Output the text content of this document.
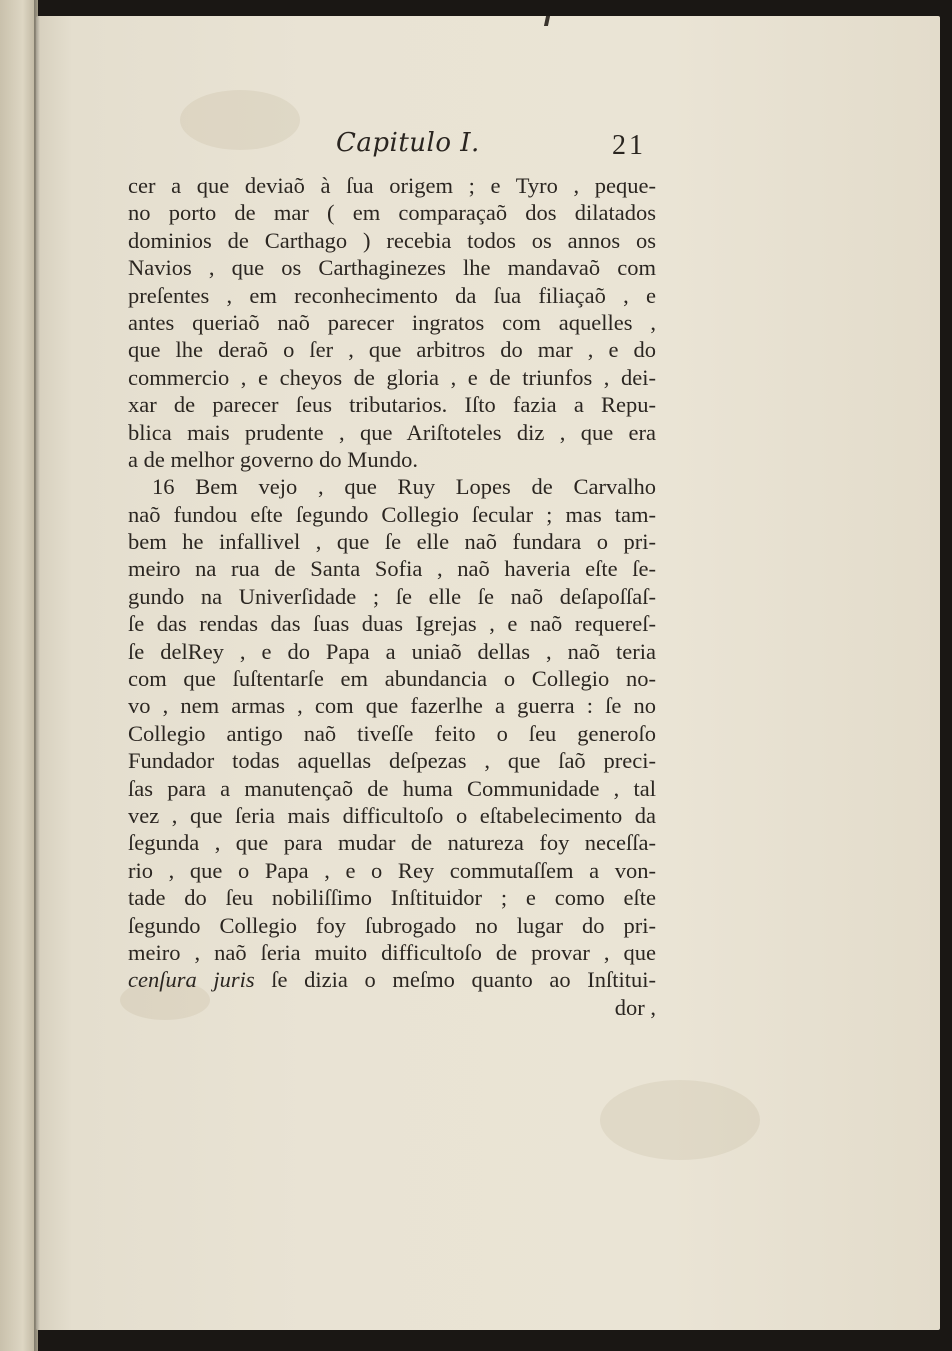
Capitulo I.	21
cer a que deviaõ à ſua origem ; e Tyro , peque-
no porto de mar ( em comparaçaõ dos dilatados
dominios de Carthago ) recebia todos os annos os
Navios , que os Carthaginezes lhe mandavaõ com
preſentes , em reconhecimento da ſua filiaçaõ , e
antes queriaõ naõ parecer ingratos com aquelles ,
que lhe deraõ o ſer , que arbitros do mar , e do
commercio , e cheyos de gloria , e de triunfos , dei-
xar de parecer ſeus tributarios. Iſto fazia a Repu-
blica mais prudente , que Ariſtoteles diz , que era
a de melhor governo do Mundo.
16 Bem vejo , que Ruy Lopes de Carvalho
naõ fundou eſte ſegundo Collegio ſecular ; mas tam-
bem he infallivel , que ſe elle naõ fundara o pri-
meiro na rua de Santa Sofia , naõ haveria eſte ſe-
gundo na Univerſidade ; ſe elle ſe naõ deſapoſſaſ-
ſe das rendas das ſuas duas Igrejas , e naõ requereſ-
ſe delRey , e do Papa a uniaõ dellas , naõ teria
com que ſuſtentarſe em abundancia o Collegio no-
vo , nem armas , com que fazerlhe a guerra : ſe no
Collegio antigo naõ tiveſſe feito o ſeu generoſo
Fundador todas aquellas deſpezas , que ſaõ preci-
ſas para a manutençaõ de huma Communidade , tal
vez , que ſeria mais difficultoſo o eſtabelecimento da
ſegunda , que para mudar de natureza foy neceſſa-
rio , que o Papa , e o Rey commutaſſem a von-
tade do ſeu nobiliſſimo Inſtituidor ; e como eſte
ſegundo Collegio foy ſubrogado no lugar do pri-
meiro , naõ ſeria muito difficultoſo de provar , que
cenſura juris ſe dizia o meſmo quanto ao Inſtitui-
dor ,
